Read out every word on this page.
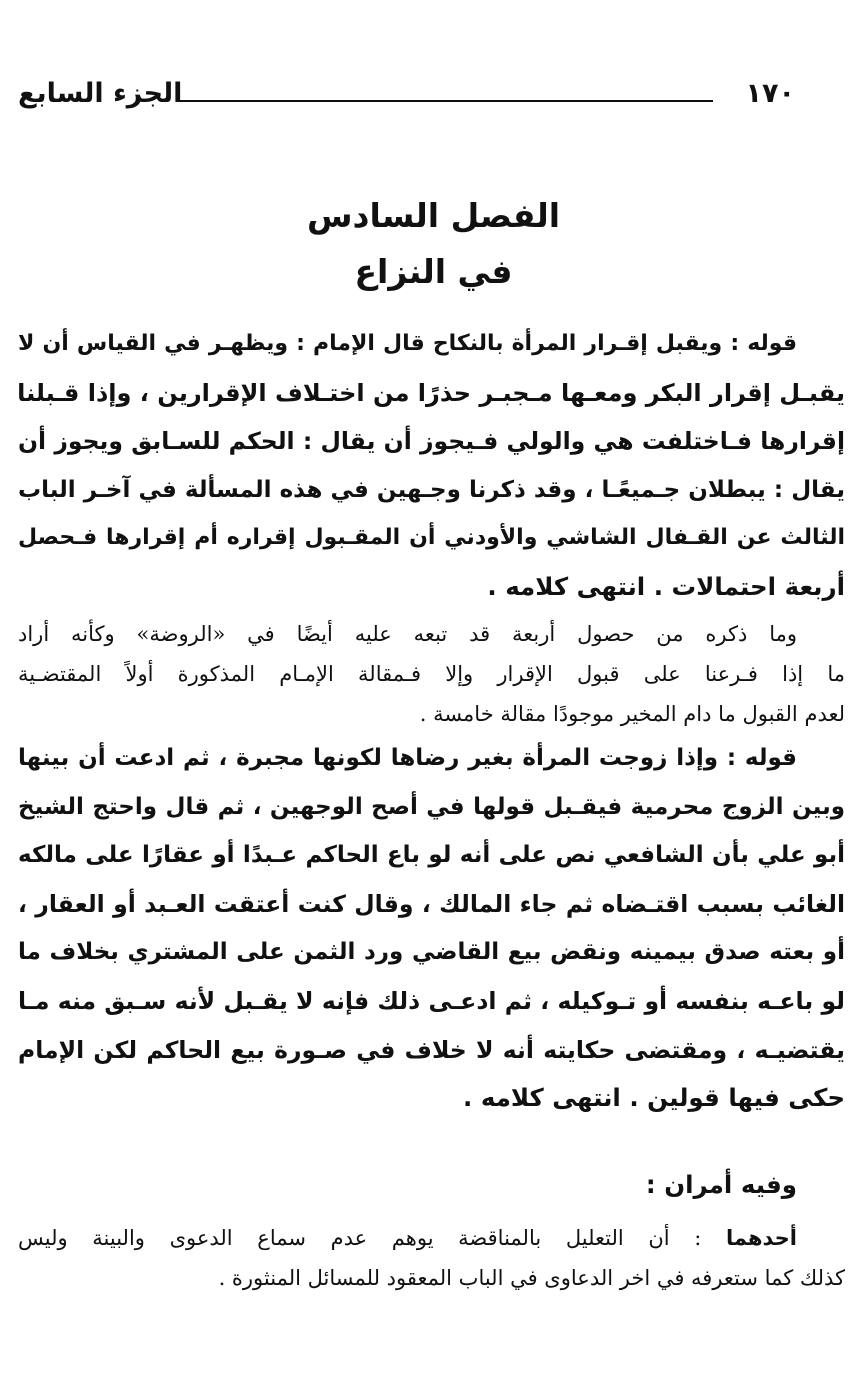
١٧٠
الجزء السابع
الفصل السادس
في النزاع
قوله : ويقبل إقـرار المرأة بالنكاح قال الإمام : ويظهـر في القياس أن لا
يقبـل إقرار البكر ومعـها مـجبـر حذرًا من اختـلاف الإقرارين ، وإذا قـبلنا
إقرارها فـاختلفت هي والولي فـيجوز أن يقال : الحكم للسـابق ويجوز أن
يقال : يبطلان جـميعًـا ، وقد ذكرنا وجـهين في هذه المسألة في آخـر الباب
الثالث عن القـفال الشاشي والأودني أن المقـبول إقراره أم إقرارها فـحصل
أربعة احتمالات . انتهى كلامه .
وما ذكره من حصول أربعة قد تبعه عليه أيضًا في «الروضة» وكأنه أراد
ما إذا فـرعنا على قبول الإقرار وإلا فـمقالة الإمـام المذكورة أولاً المقتضـية
لعدم القبول ما دام المخير موجودًا مقالة خامسة .
قوله : وإذا زوجت المرأة بغير رضاها لكونها مجبرة ، ثم ادعت أن بينها
وبين الزوج محرمية فيقـبل قولها في أصح الوجهين ، ثم قال واحتج الشيخ
أبو علي بأن الشافعي نص على أنه لو باع الحاكم عـبدًا أو عقارًا على مالكه
الغائب بسبب اقتـضاه ثم جاء المالك ، وقال كنت أعتقت العـبد أو العقار ،
أو بعته صدق بيمينه ونقض بيع القاضي ورد الثمن على المشتري بخلاف ما
لو باعـه بنفسه أو تـوكيله ، ثم ادعـى ذلك فإنه لا يقـبل لأنه سـبق منه مـا
يقتضيـه ، ومقتضى حكايته أنه لا خلاف في صـورة بيع الحاكم لكن الإمام
حكى فيها قولين . انتهى كلامه .
وفيه أمران :
أحدهما : أن التعليل بالمناقضة يوهم عدم سماع الدعوى والبينة وليس
كذلك كما ستعرفه في اخر الدعاوى في الباب المعقود للمسائل المنثورة .
